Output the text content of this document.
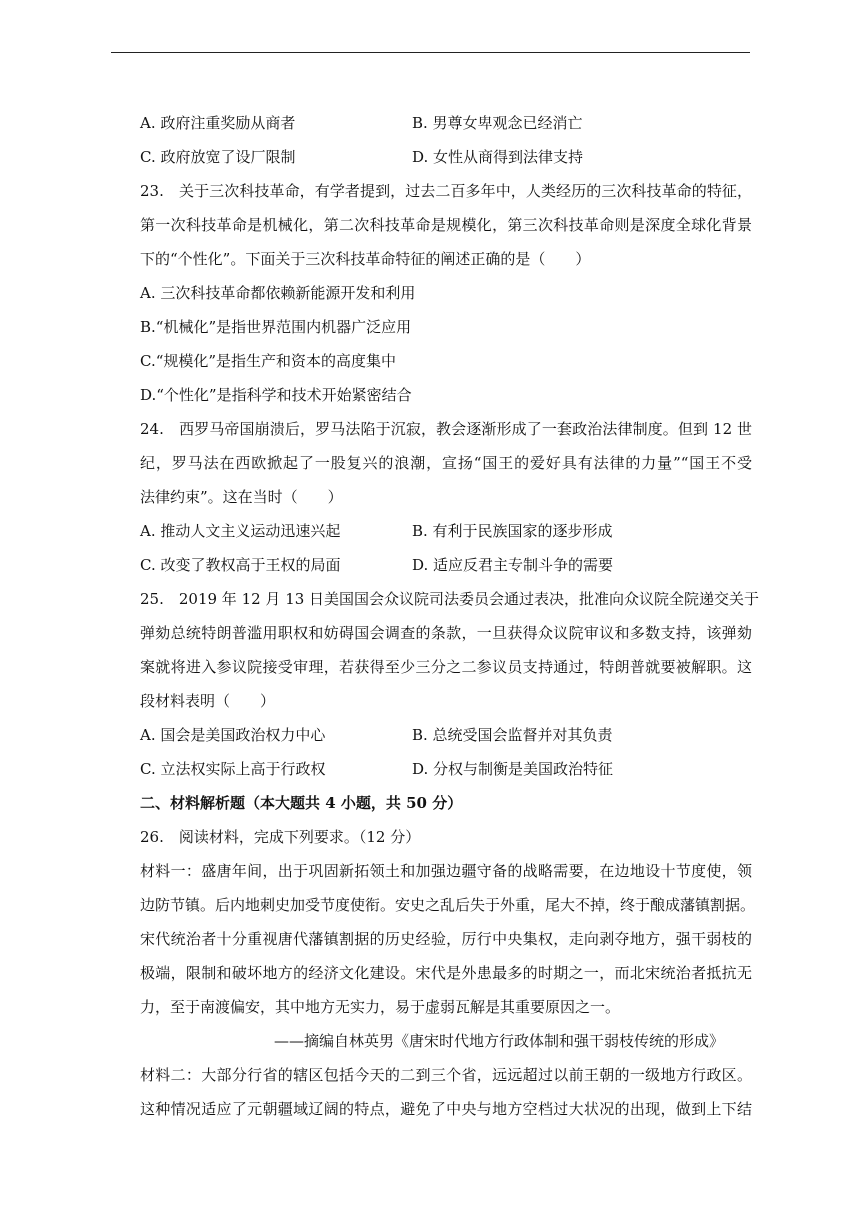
A. 政府注重奖励从商者	B. 男尊女卑观念已经消亡
C. 政府放宽了设厂限制	D. 女性从商得到法律支持
23.　关于三次科技革命，有学者提到，过去二百多年中，人类经历的三次科技革命的特征，
第一次科技革命是机械化，第二次科技革命是规模化，第三次科技革命则是深度全球化背景
下的“个性化”。下面关于三次科技革命特征的阐述正确的是（　　）
A. 三次科技革命都依赖新能源开发和利用
B.“机械化”是指世界范围内机器广泛应用
C.“规模化”是指生产和资本的高度集中
D.“个性化”是指科学和技术开始紧密结合
24.　西罗马帝国崩溃后，罗马法陷于沉寂，教会逐渐形成了一套政治法律制度。但到 12 世
纪，罗马法在西欧掀起了一股复兴的浪潮，宣扬“国王的爱好具有法律的力量”“国王不受
法律约束”。这在当时（　　）
A. 推动人文主义运动迅速兴起	B. 有利于民族国家的逐步形成
C. 改变了教权高于王权的局面	D. 适应反君主专制斗争的需要
25.　2019 年 12 月 13 日美国国会众议院司法委员会通过表决，批准向众议院全院递交关于
弹劾总统特朗普滥用职权和妨碍国会调查的条款，一旦获得众议院审议和多数支持，该弹劾
案就将进入参议院接受审理，若获得至少三分之二参议员支持通过，特朗普就要被解职。这
段材料表明（　　）
A. 国会是美国政治权力中心	B. 总统受国会监督并对其负责
C. 立法权实际上高于行政权	D. 分权与制衡是美国政治特征
二、材料解析题（本大题共 4 小题，共 50 分）
26.　阅读材料，完成下列要求。（12 分）
材料一：盛唐年间，出于巩固新拓领土和加强边疆守备的战略需要，在边地设十节度使，领
边防节镇。后内地刺史加受节度使衔。安史之乱后失于外重，尾大不掉，终于酿成藩镇割据。
宋代统治者十分重视唐代藩镇割据的历史经验，厉行中央集权，走向剥夺地方，强干弱枝的
极端，限制和破坏地方的经济文化建设。宋代是外患最多的时期之一，而北宋统治者抵抗无
力，至于南渡偏安，其中地方无实力，易于虚弱瓦解是其重要原因之一。
——摘编自林英男《唐宋时代地方行政体制和强干弱枝传统的形成》
材料二：大部分行省的辖区包括今天的二到三个省，远远超过以前王朝的一级地方行政区。
这种情况适应了元朝疆域辽阔的特点，避免了中央与地方空档过大状况的出现，做到上下结
